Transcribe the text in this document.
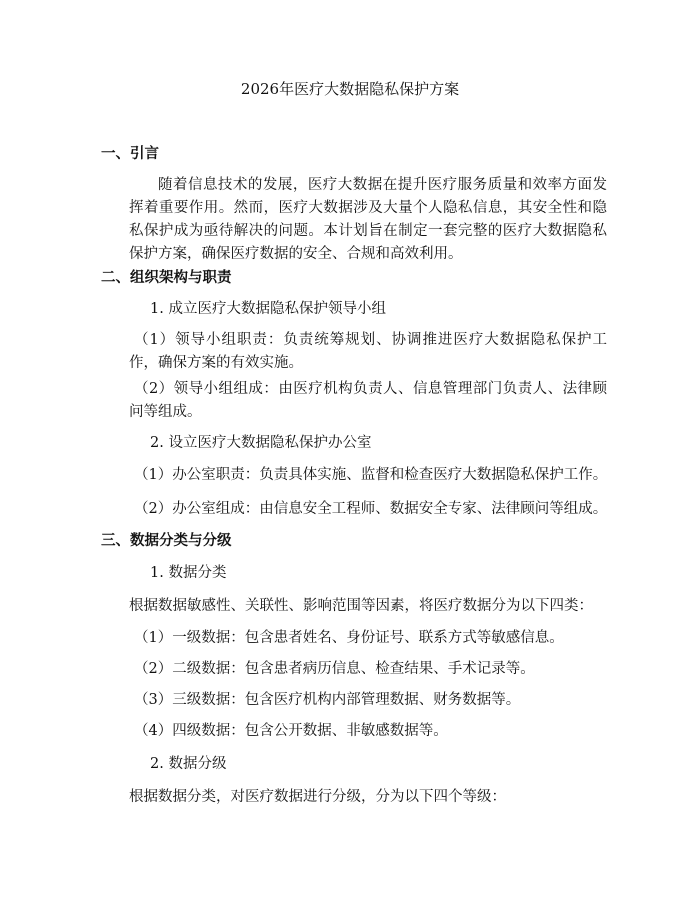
2026年医疗大数据隐私保护方案
一、引言
随着信息技术的发展，医疗大数据在提升医疗服务质量和效率方面发挥着重要作用。然而，医疗大数据涉及大量个人隐私信息，其安全性和隐私保护成为亟待解决的问题。本计划旨在制定一套完整的医疗大数据隐私保护方案，确保医疗数据的安全、合规和高效利用。
二、组织架构与职责
1. 成立医疗大数据隐私保护领导小组
（1）领导小组职责：负责统筹规划、协调推进医疗大数据隐私保护工作，确保方案的有效实施。
（2）领导小组组成：由医疗机构负责人、信息管理部门负责人、法律顾问等组成。
2. 设立医疗大数据隐私保护办公室
（1）办公室职责：负责具体实施、监督和检查医疗大数据隐私保护工作。
（2）办公室组成：由信息安全工程师、数据安全专家、法律顾问等组成。
三、数据分类与分级
1. 数据分类
根据数据敏感性、关联性、影响范围等因素，将医疗数据分为以下四类：
（1）一级数据：包含患者姓名、身份证号、联系方式等敏感信息。
（2）二级数据：包含患者病历信息、检查结果、手术记录等。
（3）三级数据：包含医疗机构内部管理数据、财务数据等。
（4）四级数据：包含公开数据、非敏感数据等。
2. 数据分级
根据数据分类，对医疗数据进行分级，分为以下四个等级：
